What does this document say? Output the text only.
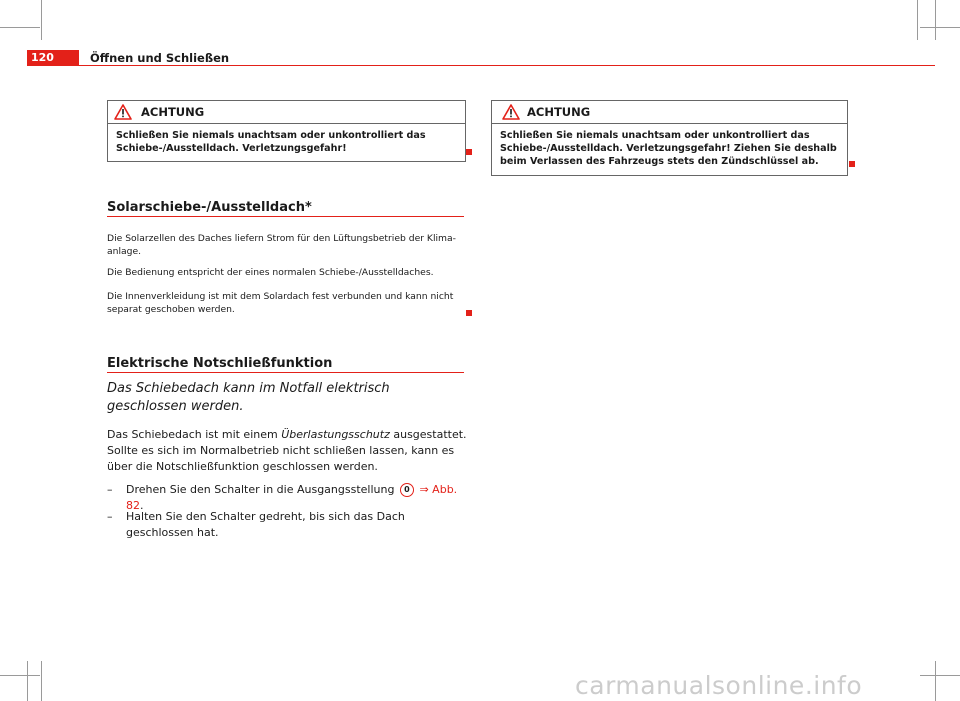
120	Öffnen und Schließen
ACHTUNG
Schließen Sie niemals unachtsam oder unkontrolliert das Schiebe-/Ausstelldach. Verletzungsgefahr!
Solarschiebe-/Ausstelldach*

Die Solarzellen des Daches liefern Strom für den Lüftungsbetrieb der Klimaanlage.

Die Bedienung entspricht der eines normalen Schiebe-/Ausstelldaches.

Die Innenverkleidung ist mit dem Solardach fest verbunden und kann nicht separat geschoben werden.

Elektrische Notschließfunktion

Das Schiebedach kann im Notfall elektrisch geschlossen werden.

Das Schiebedach ist mit einem Überlastungsschutz ausgestattet. Sollte es sich im Normalbetrieb nicht schließen lassen, kann es über die Notschließfunktion geschlossen werden.

– Drehen Sie den Schalter in die Ausgangsstellung 0 ⇒ Abb. 82.
– Halten Sie den Schalter gedreht, bis sich das Dach geschlossen hat.
ACHTUNG
Schließen Sie niemals unachtsam oder unkontrolliert das Schiebe-/Ausstelldach. Verletzungsgefahr! Ziehen Sie deshalb beim Verlassen des Fahrzeugs stets den Zündschlüssel ab.
carmanualsonline.info
